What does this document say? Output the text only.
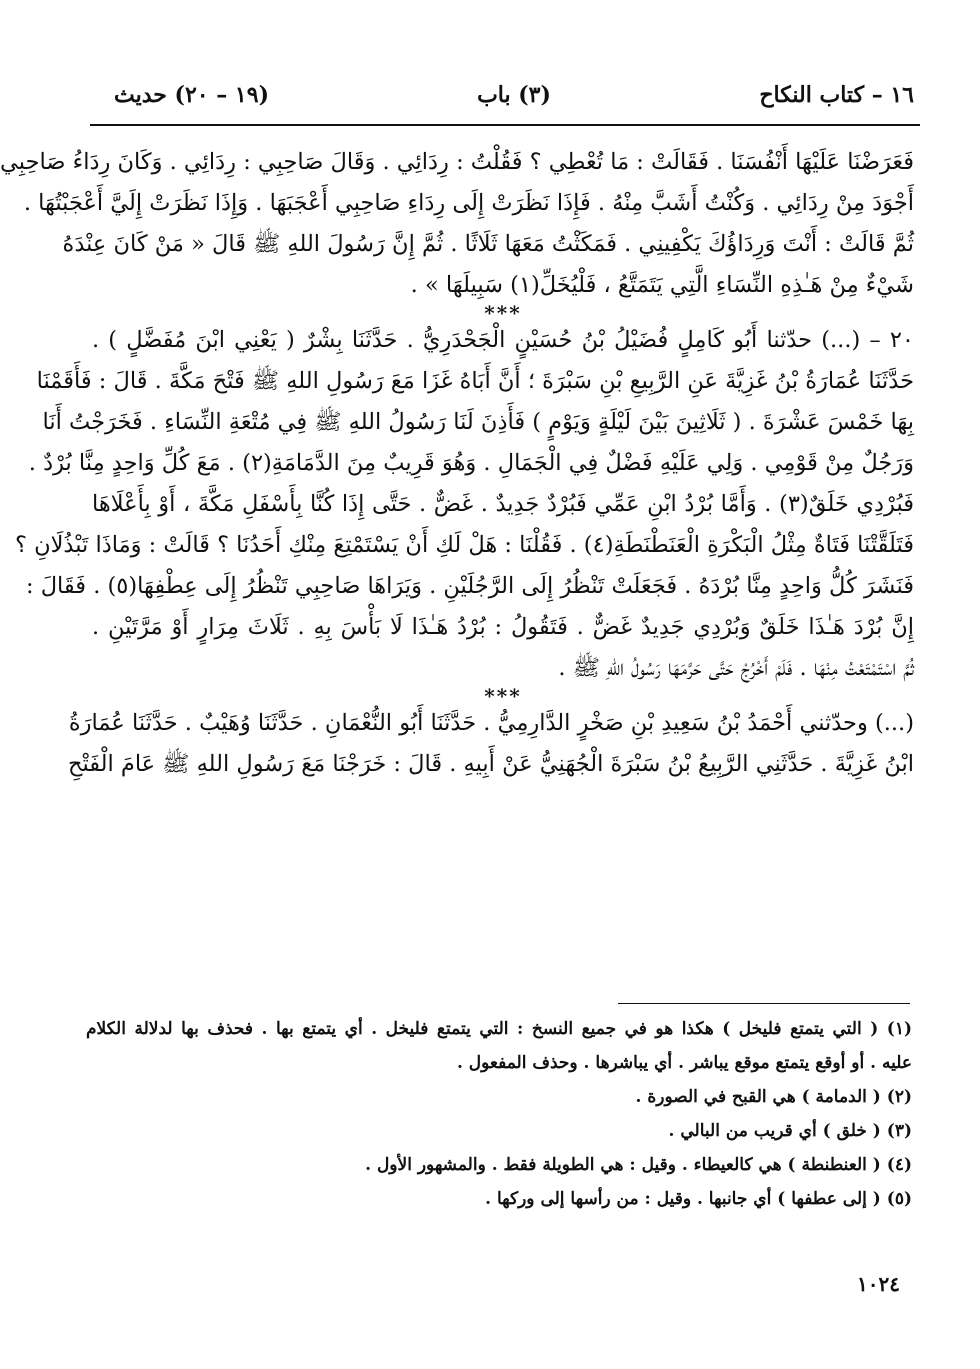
١٦ – كتاب النكاح
(٣) باب
(١٩ – ٢٠) حديث
فَعَرَضْنَا عَلَيْهَا أَنْفُسَنَا . فَقَالَتْ : مَا تُعْطِي ؟ فَقُلْتُ : رِدَائِي . وَقَالَ صَاحِبِي : رِدَائِي . وَكَانَ رِدَاءُ صَاحِبِي
أَجْوَدَ مِنْ رِدَائِي . وَكُنْتُ أَشَبَّ مِنْهُ . فَإِذَا نَظَرَتْ إِلَى رِدَاءِ صَاحِبِي أَعْجَبَهَا . وَإِذَا نَظَرَتْ إِلَيَّ أَعْجَبْتُهَا .
ثُمَّ قَالَتْ : أَنْتَ وَرِدَاؤُكَ يَكْفِينِي . فَمَكَثْتُ مَعَهَا ثَلَاثًا . ثُمَّ إِنَّ رَسُولَ اللهِ ﷺ قَالَ « مَنْ كَانَ عِنْدَهُ
شَيْءٌ مِنْ هَـٰذِهِ النِّسَاءِ الَّتِي يَتَمَتَّعُ ، فَلْيُخَلِّ(١) سَبِيلَهَا » .
***
٢٠ – (...) حدّثنا أَبُو كَامِلٍ فُضَيْلُ بْنُ حُسَيْنٍ الْجَحْدَرِيُّ . حَدَّثَنَا بِشْرٌ ( يَعْنِي ابْنَ مُفَضَّلٍ ) .
حَدَّثَنَا عُمَارَةُ بْنُ غَزِيَّةَ عَنِ الرَّبِيعِ بْنِ سَبْرَةَ ؛ أَنَّ أَبَاهُ غَزَا مَعَ رَسُولِ اللهِ ﷺ فَتْحَ مَكَّةَ . قَالَ : فَأَقَمْنَا
بِهَا خَمْسَ عَشْرَةَ . ( ثَلَاثِينَ بَيْنَ لَيْلَةٍ وَيَوْمٍ ) فَأَذِنَ لَنَا رَسُولُ اللهِ ﷺ فِي مُتْعَةِ النِّسَاءِ . فَخَرَجْتُ أَنَا
وَرَجُلٌ مِنْ قَوْمِي . وَلِي عَلَيْهِ فَضْلٌ فِي الْجَمَالِ . وَهُوَ قَرِيبٌ مِنَ الدَّمَامَةِ(٢) . مَعَ كُلِّ وَاحِدٍ مِنَّا بُرْدٌ .
فَبُرْدِي خَلَقٌ(٣) . وَأَمَّا بُرْدُ ابْنِ عَمِّي فَبُرْدٌ جَدِيدٌ . غَضٌّ . حَتَّى إِذَا كُنَّا بِأَسْفَلِ مَكَّةَ ، أَوْ بِأَعْلَاهَا
فَتَلَقَّتْنَا فَتَاةٌ مِثْلُ الْبَكْرَةِ الْعَنَطْنَطَةِ(٤) . فَقُلْنَا : هَلْ لَكِ أَنْ يَسْتَمْتِعَ مِنْكِ أَحَدُنَا ؟ قَالَتْ : وَمَاذَا تَبْذُلَانِ ؟
فَنَشَرَ كُلُّ وَاحِدٍ مِنَّا بُرْدَهُ . فَجَعَلَتْ تَنْظُرُ إِلَى الرَّجُلَيْنِ . وَيَرَاهَا صَاحِبِي تَنْظُرُ إِلَى عِطْفِهَا(٥) . فَقَالَ :
إِنَّ بُرْدَ هَـٰذَا خَلَقٌ وَبُرْدِي جَدِيدٌ غَضٌّ . فَتَقُولُ : بُرْدُ هَـٰذَا لَا بَأْسَ بِهِ . ثَلَاثَ مِرَارٍ أَوْ مَرَّتَيْنِ .
ثُمَّ اسْتَمْتَعْتُ مِنْهَا . فَلَمْ أَخْرُجْ حَتَّى حَرَّمَهَا رَسُولُ اللهِ ﷺ .
***
(...) وحدّثني أَحْمَدُ بْنُ سَعِيدِ بْنِ صَخْرٍ الدَّارِمِيُّ . حَدَّثَنَا أَبُو النُّعْمَانِ . حَدَّثَنَا وُهَيْبٌ . حَدَّثَنَا عُمَارَةُ
ابْنُ غَزِيَّةَ . حَدَّثَنِي الرَّبِيعُ بْنُ سَبْرَةَ الْجُهَنِيُّ عَنْ أَبِيهِ . قَالَ : خَرَجْنَا مَعَ رَسُولِ اللهِ ﷺ عَامَ الْفَتْحِ
(١) ( التي يتمتع فليخل ) هكذا هو في جميع النسخ : التي يتمتع فليخل . أي يتمتع بها . فحذف بها لدلالة الكلام
عليه . أو أوقع يتمتع موقع يباشر . أي يباشرها . وحذف المفعول .
(٢) ( الدمامة ) هي القبح في الصورة .
(٣) ( خلق ) أي قريب من البالي .
(٤) ( العنطنطة ) هي كالعيطاء . وقيل : هي الطويلة فقط . والمشهور الأول .
(٥) ( إلى عطفها ) أي جانبها . وقيل : من رأسها إلى وركها .
١٠٢٤
